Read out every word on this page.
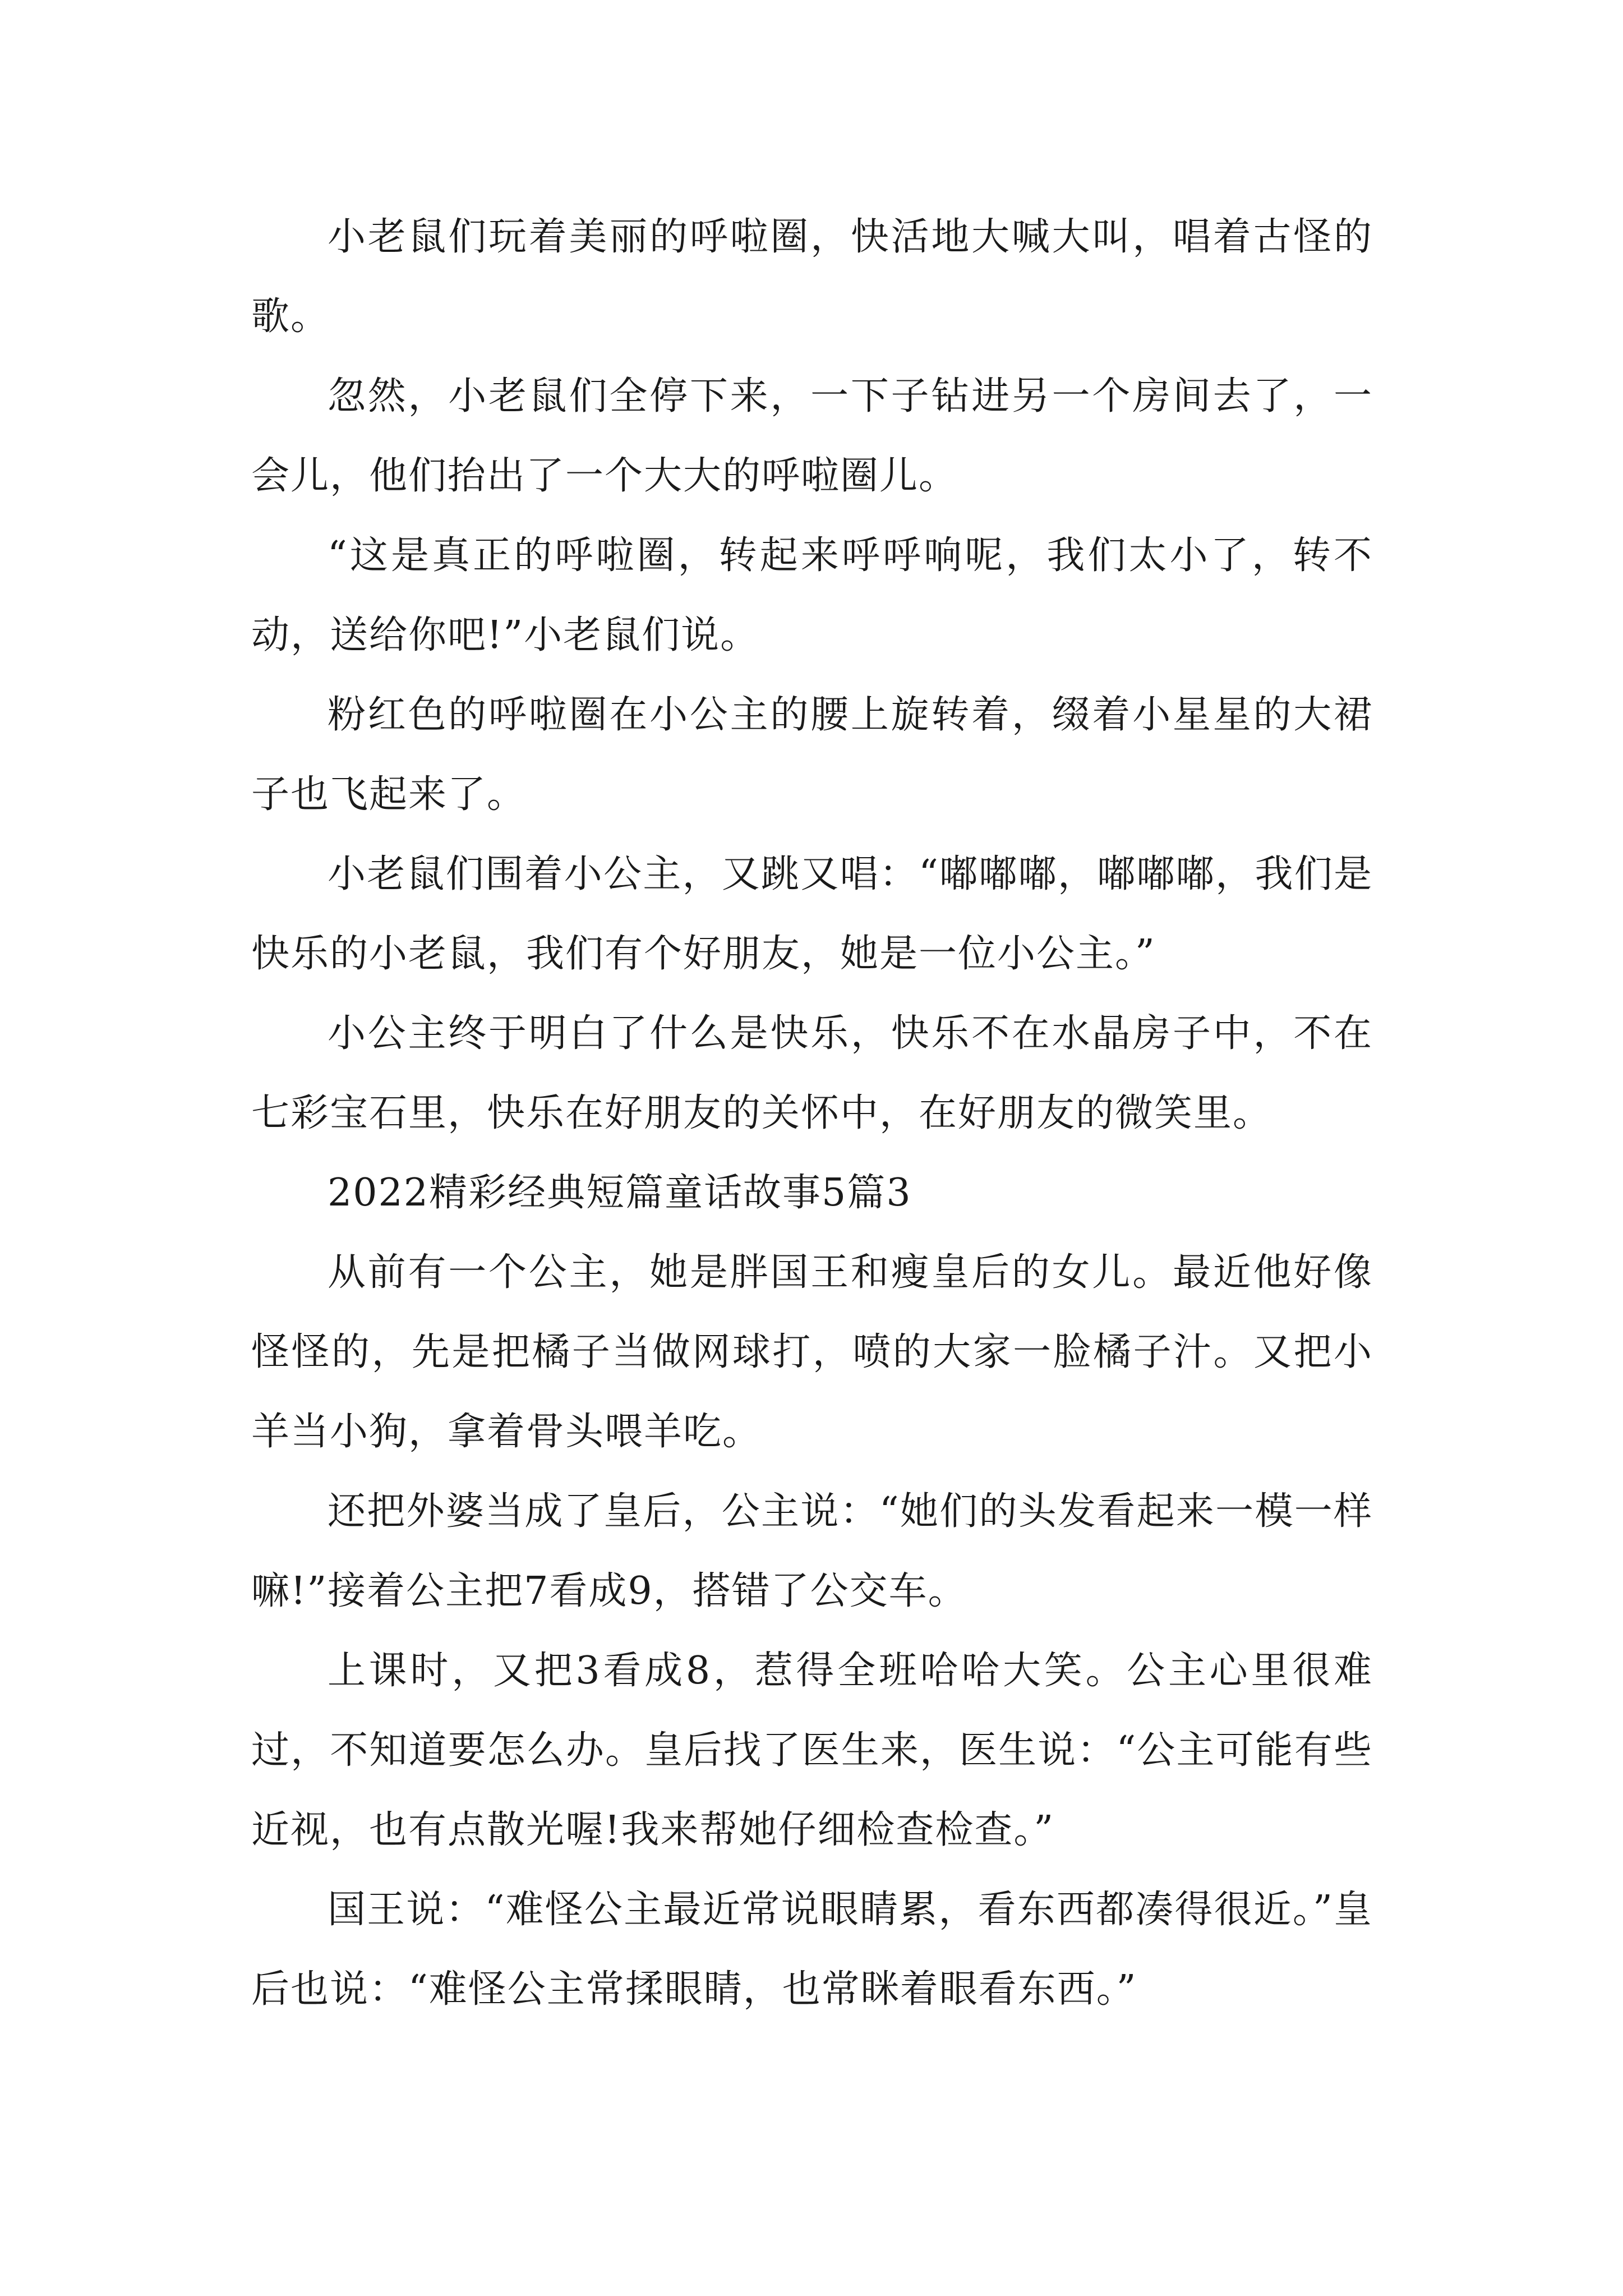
小老鼠们玩着美丽的呼啦圈，快活地大喊大叫，唱着古怪的歌。

忽然，小老鼠们全停下来，一下子钻进另一个房间去了，一会儿，他们抬出了一个大大的呼啦圈儿。

“这是真正的呼啦圈，转起来呼呼响呢，我们太小了，转不动，送给你吧!”小老鼠们说。

粉红色的呼啦圈在小公主的腰上旋转着，缀着小星星的大裙子也飞起来了。

小老鼠们围着小公主，又跳又唱：“嘟嘟嘟，嘟嘟嘟，我们是快乐的小老鼠，我们有个好朋友，她是一位小公主。”

小公主终于明白了什么是快乐，快乐不在水晶房子中，不在七彩宝石里，快乐在好朋友的关怀中，在好朋友的微笑里。

2022精彩经典短篇童话故事5篇3

从前有一个公主，她是胖国王和瘦皇后的女儿。最近他好像怪怪的，先是把橘子当做网球打，喷的大家一脸橘子汁。又把小羊当小狗，拿着骨头喂羊吃。

还把外婆当成了皇后，公主说：“她们的头发看起来一模一样嘛!”接着公主把7看成9，搭错了公交车。

上课时，又把3看成8，惹得全班哈哈大笑。公主心里很难过，不知道要怎么办。皇后找了医生来，医生说：“公主可能有些近视，也有点散光喔!我来帮她仔细检查检查。”

国王说：“难怪公主最近常说眼睛累，看东西都凑得很近。”皇后也说：“难怪公主常揉眼睛，也常眯着眼看东西。”
